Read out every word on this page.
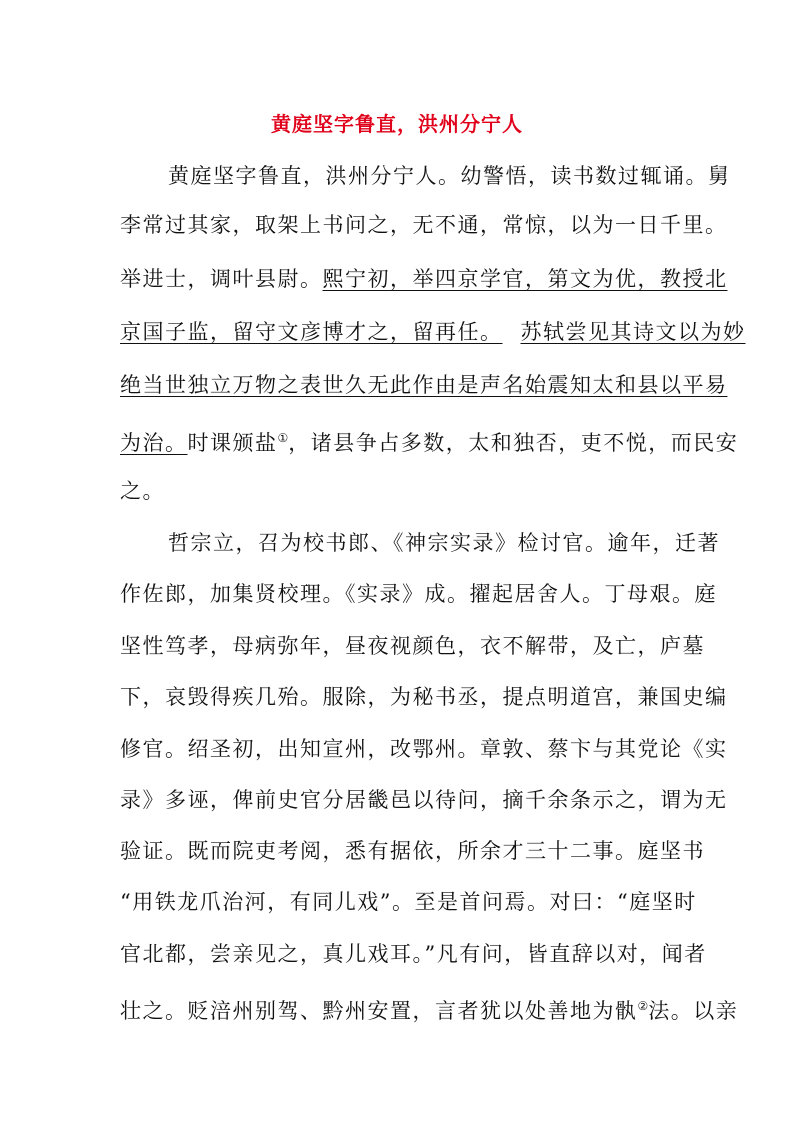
黄庭坚字鲁直，洪州分宁人
黄庭坚字鲁直，洪州分宁人。幼警悟，读书数过辄诵。舅
李常过其家，取架上书问之，无不通，常惊，以为一日千里。
举进士，调叶县尉。熙宁初，举四京学官，第文为优，教授北
京国子监，留守文彦博才之，留再任。 苏轼尝见其诗文以为妙
绝当世独立万物之表世久无此作由是声名始震知太和县以平易
为治。时课颁盐①，诸县争占多数，太和独否，吏不悦，而民安
之。
哲宗立，召为校书郎、《神宗实录》检讨官。逾年，迁著
作佐郎，加集贤校理。《实录》成。擢起居舍人。丁母艰。庭
坚性笃孝，母病弥年，昼夜视颜色，衣不解带，及亡，庐墓
下，哀毁得疾几殆。服除，为秘书丞，提点明道宫，兼国史编
修官。绍圣初，出知宣州，改鄂州。章敦、蔡卞与其党论《实
录》多诬，俾前史官分居畿邑以待问，摘千余条示之，谓为无
验证。既而院吏考阅，悉有据依，所余才三十二事。庭坚书
“用铁龙爪治河，有同儿戏”。至是首问焉。对曰：“庭坚时
官北都，尝亲见之，真儿戏耳。”凡有问，皆直辞以对，闻者
壮之。贬涪州别驾、黔州安置，言者犹以处善地为骫②法。以亲
